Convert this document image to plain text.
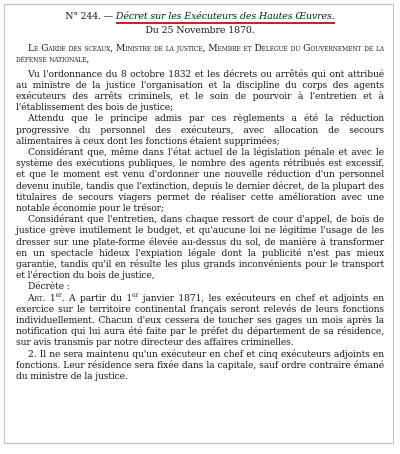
N° 244. — Décret sur les Exécuteurs des Hautes Œuvres.
Du 25 Novembre 1870.

Le Garde des sceaux, Ministre de la justice, Membre et Délégué du Gouvernement de la défense nationale,

Vu l'ordonnance du 8 octobre 1832 et les décrets ou arrêtés qui ont attribué au ministre de la justice l'organisation et la discipline du corps des agents exécuteurs des arrêts criminels, et le soin de pourvoir à l'entretien et à l'établissement des bois de justice;

Attendu que le principe admis par ces règlements a été la réduction progressive du personnel des exécuteurs, avec allocation de secours alimentaires à ceux dont les fonctions étaient supprimées;

Considérant que, même dans l'état actuel de la législation pénale et avec le système des exécutions publiques, le nombre des agents rétribués est excessif, et que le moment est venu d'ordonner une nouvelle réduction d'un personnel devenu inutile, tandis que l'extinction, depuis le dernier décret, de la plupart des titulaires de secours viagers permet de réaliser cette amélioration avec une notable économie pour le trésor;

Considérant que l'entretien, dans chaque ressort de cour d'appel, de bois de justice grève inutilement le budget, et qu'aucune loi ne légitime l'usage de les dresser sur une plate-forme élevée au-dessus du sol, de manière à transformer en un spectacle hideux l'expiation légale dont la publicité n'est pas mieux garantie, tandis qu'il en résulte les plus grands inconvénients pour le transport et l'érection du bois de justice,

Décrète :

Art. 1er. A partir du 1er janvier 1871, les exécuteurs en chef et adjoints en exercice sur le territoire continental français seront relevés de leurs fonctions individuellement. Chacun d'eux cessera de toucher ses gages un mois après la notification qui lui aura été faite par le préfet du département de sa résidence, sur avis transmis par notre directeur des affaires criminelles.

2. Il ne sera maintenu qu'un exécuteur en chef et cinq exécuteurs adjoints en fonctions. Leur résidence sera fixée dans la capitale, sauf ordre contraire émané du ministre de la justice.
